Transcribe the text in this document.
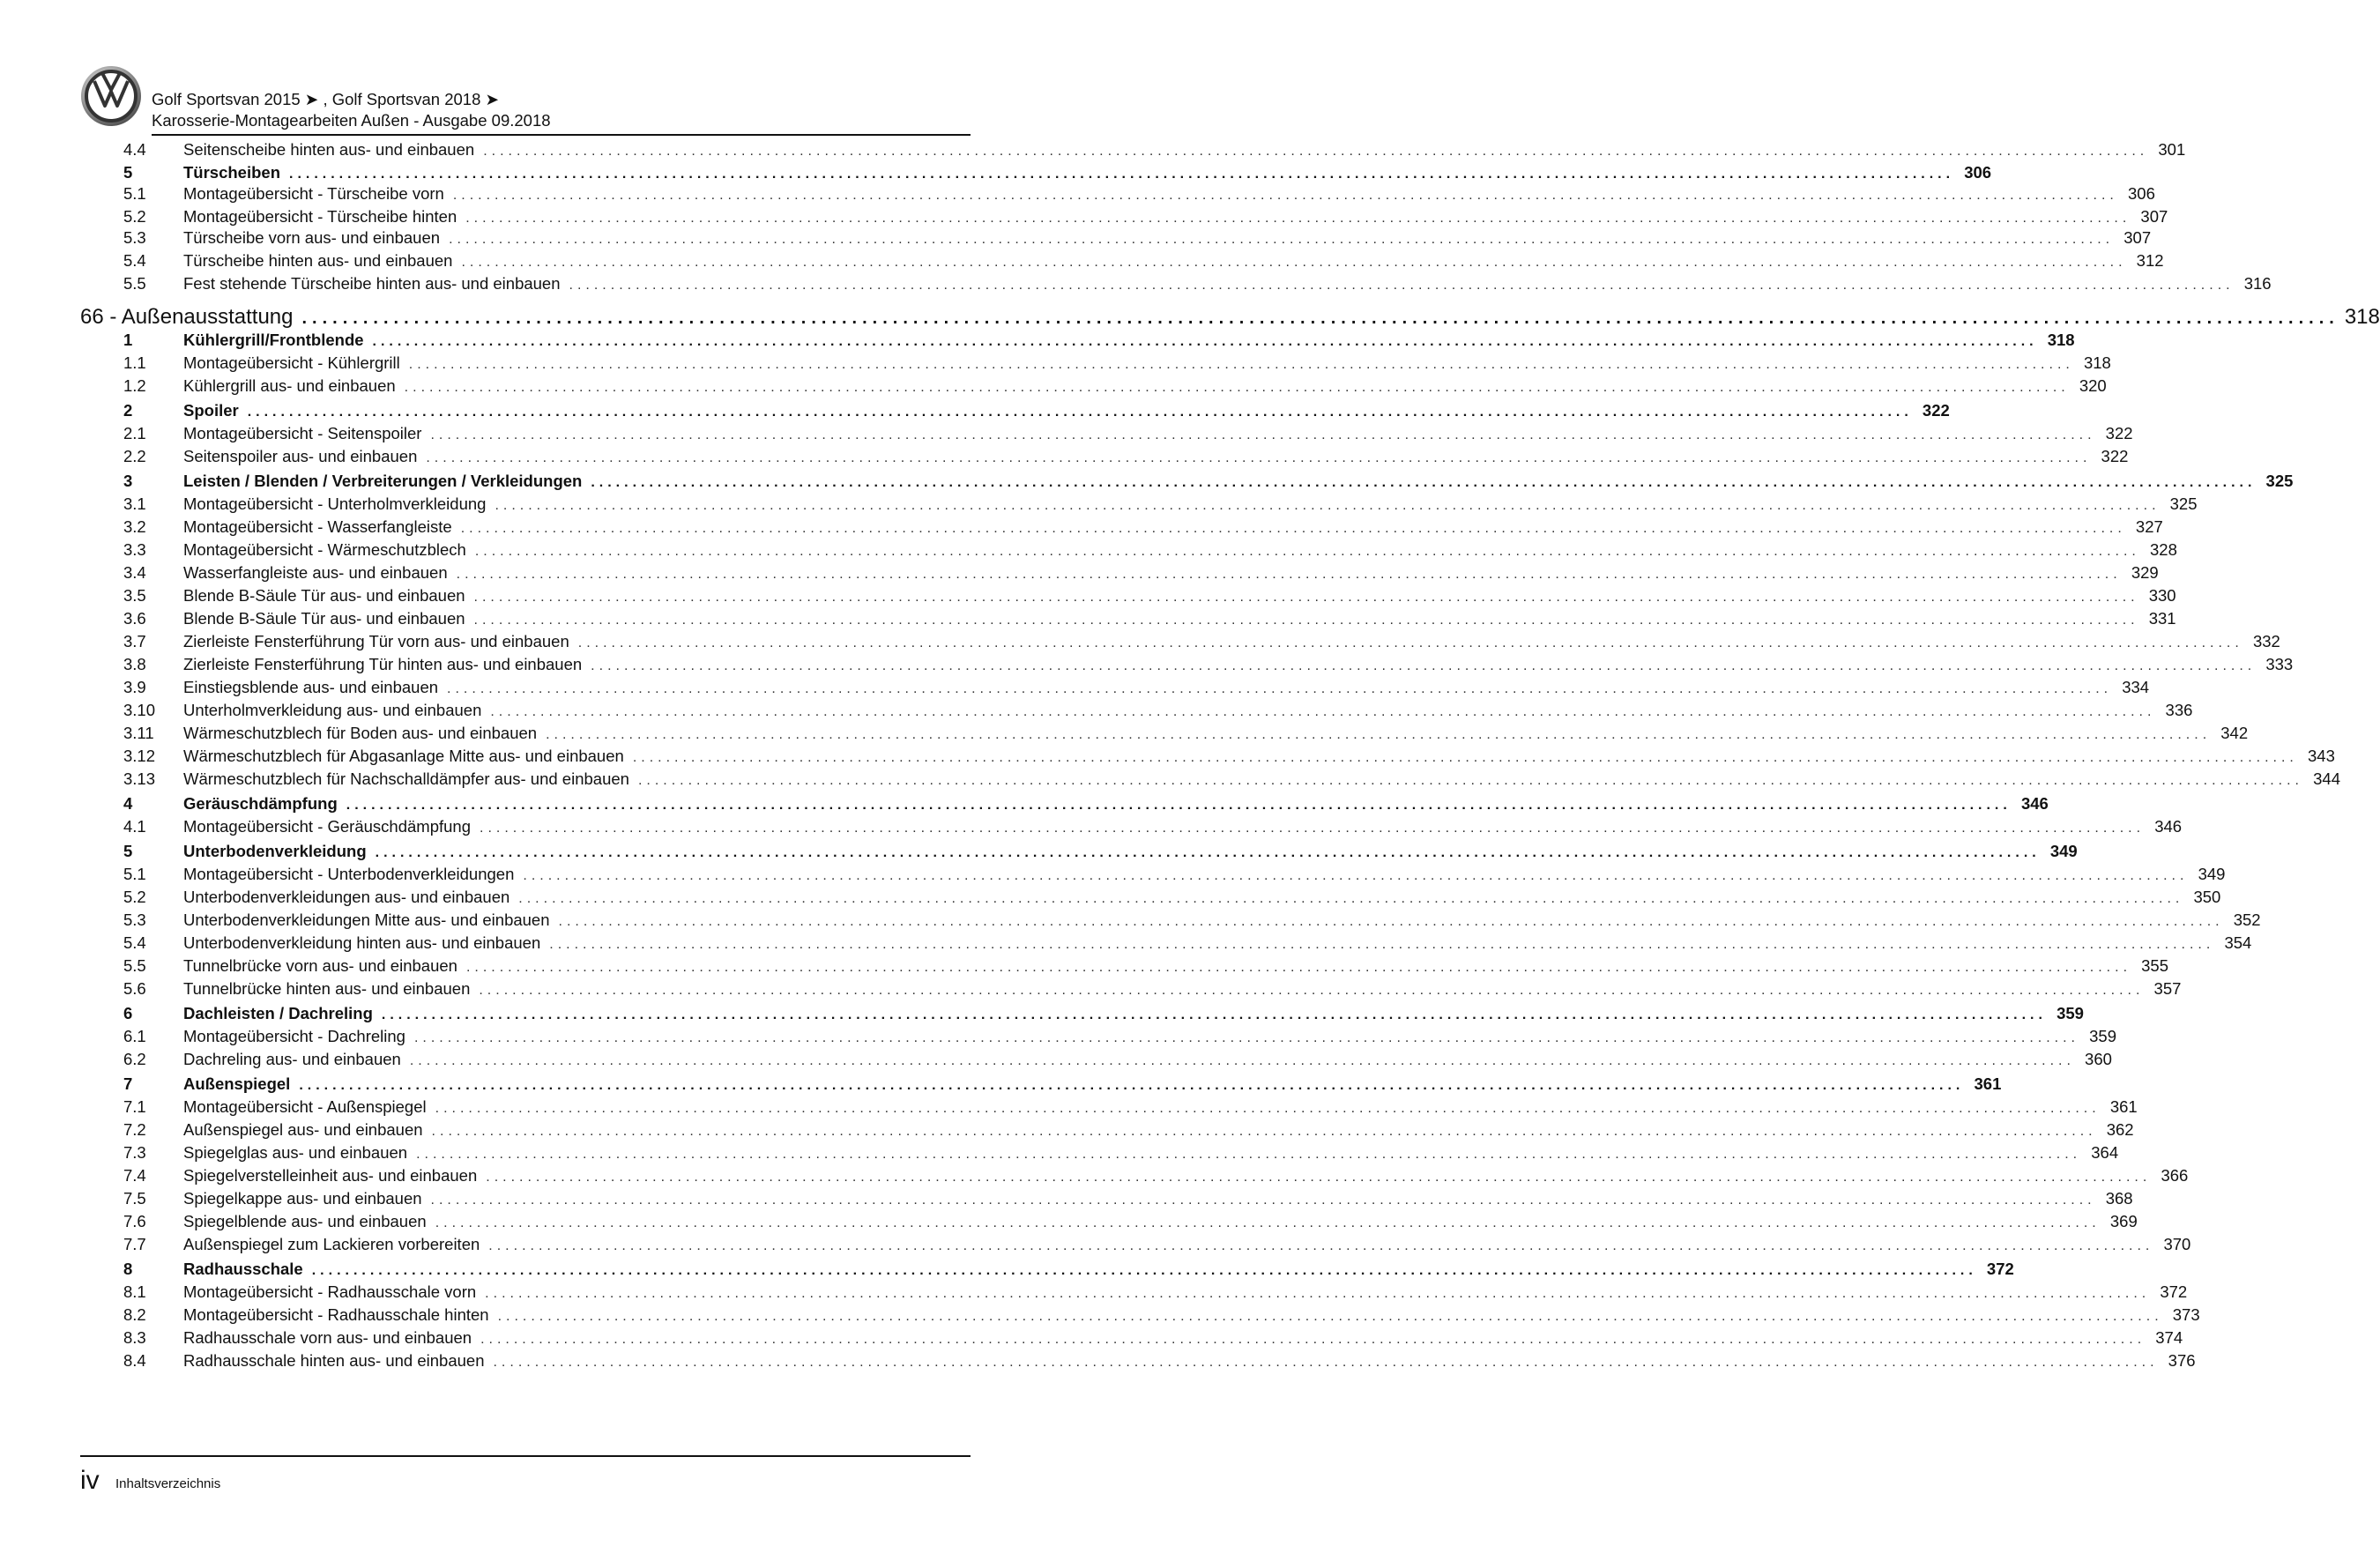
Golf Sportsvan 2015 ➤ , Golf Sportsvan 2018 ➤
Karosserie-Montagearbeiten Außen - Ausgabe 09.2018
4.4 Seitenscheibe hinten aus- und einbauen ........................................................................................................................................................................................................ 301
5	Türscheiben ........................................................................................................................................................................................................ 306
5.1 Montageübersicht - Türscheibe vorn ........................................................................................................................................................................................................ 306
5.2 Montageübersicht - Türscheibe hinten ........................................................................................................................................................................................................ 307
5.3 Türscheibe vorn aus- und einbauen ........................................................................................................................................................................................................ 307
5.4 Türscheibe hinten aus- und einbauen ........................................................................................................................................................................................................ 312
5.5 Fest stehende Türscheibe hinten aus- und einbauen ........................................................................................................................................................................................................ 316
66 - Außenausstattung ........................................................................................................................................................................................................ 318
1	Kühlergrill/Frontblende ........................................................................................................................................................................................................ 318
1.1 Montageübersicht - Kühlergrill ........................................................................................................................................................................................................ 318
1.2 Kühlergrill aus- und einbauen ........................................................................................................................................................................................................ 320
2	Spoiler ........................................................................................................................................................................................................ 322
2.1 Montageübersicht - Seitenspoiler ........................................................................................................................................................................................................ 322
2.2 Seitenspoiler aus- und einbauen ........................................................................................................................................................................................................ 322
3	Leisten / Blenden / Verbreiterungen / Verkleidungen ........................................................................................................................................................................................................ 325
3.1 Montageübersicht - Unterholmverkleidung ........................................................................................................................................................................................................ 325
3.2 Montageübersicht - Wasserfangleiste ........................................................................................................................................................................................................ 327
3.3 Montageübersicht - Wärmeschutzblech ........................................................................................................................................................................................................ 328
3.4 Wasserfangleiste aus- und einbauen ........................................................................................................................................................................................................ 329
3.5 Blende B-Säule Tür aus- und einbauen ........................................................................................................................................................................................................ 330
3.6 Blende B-Säule Tür aus- und einbauen ........................................................................................................................................................................................................ 331
3.7 Zierleiste Fensterführung Tür vorn aus- und einbauen ........................................................................................................................................................................................................ 332
3.8 Zierleiste Fensterführung Tür hinten aus- und einbauen ........................................................................................................................................................................................................ 333
3.9 Einstiegsblende aus- und einbauen ........................................................................................................................................................................................................ 334
3.10 Unterholmverkleidung aus- und einbauen ........................................................................................................................................................................................................ 336
3.11 Wärmeschutzblech für Boden aus- und einbauen ........................................................................................................................................................................................................ 342
3.12 Wärmeschutzblech für Abgasanlage Mitte aus- und einbauen ........................................................................................................................................................................................................ 343
3.13 Wärmeschutzblech für Nachschalldämpfer aus- und einbauen ........................................................................................................................................................................................................ 344
4	Geräuschdämpfung ........................................................................................................................................................................................................ 346
4.1 Montageübersicht - Geräuschdämpfung ........................................................................................................................................................................................................ 346
5	Unterbodenverkleidung ........................................................................................................................................................................................................ 349
5.1 Montageübersicht - Unterbodenverkleidungen ........................................................................................................................................................................................................ 349
5.2 Unterbodenverkleidungen aus- und einbauen ........................................................................................................................................................................................................ 350
5.3 Unterbodenverkleidungen Mitte aus- und einbauen ........................................................................................................................................................................................................ 352
5.4 Unterbodenverkleidung hinten aus- und einbauen ........................................................................................................................................................................................................ 354
5.5 Tunnelbrücke vorn aus- und einbauen ........................................................................................................................................................................................................ 355
5.6 Tunnelbrücke hinten aus- und einbauen ........................................................................................................................................................................................................ 357
6	Dachleisten / Dachreling ........................................................................................................................................................................................................ 359
6.1 Montageübersicht - Dachreling ........................................................................................................................................................................................................ 359
6.2 Dachreling aus- und einbauen ........................................................................................................................................................................................................ 360
7	Außenspiegel ........................................................................................................................................................................................................ 361
7.1 Montageübersicht - Außenspiegel ........................................................................................................................................................................................................ 361
7.2 Außenspiegel aus- und einbauen ........................................................................................................................................................................................................ 362
7.3 Spiegelglas aus- und einbauen ........................................................................................................................................................................................................ 364
7.4 Spiegelverstelleinheit aus- und einbauen ........................................................................................................................................................................................................ 366
7.5 Spiegelkappe aus- und einbauen ........................................................................................................................................................................................................ 368
7.6 Spiegelblende aus- und einbauen ........................................................................................................................................................................................................ 369
7.7 Außenspiegel zum Lackieren vorbereiten ........................................................................................................................................................................................................ 370
8	Radhausschale ........................................................................................................................................................................................................ 372
8.1 Montageübersicht - Radhausschale vorn ........................................................................................................................................................................................................ 372
8.2 Montageübersicht - Radhausschale hinten ........................................................................................................................................................................................................ 373
8.3 Radhausschale vorn aus- und einbauen ........................................................................................................................................................................................................ 374
8.4 Radhausschale hinten aus- und einbauen ........................................................................................................................................................................................................ 376
iv Inhaltsverzeichnis
